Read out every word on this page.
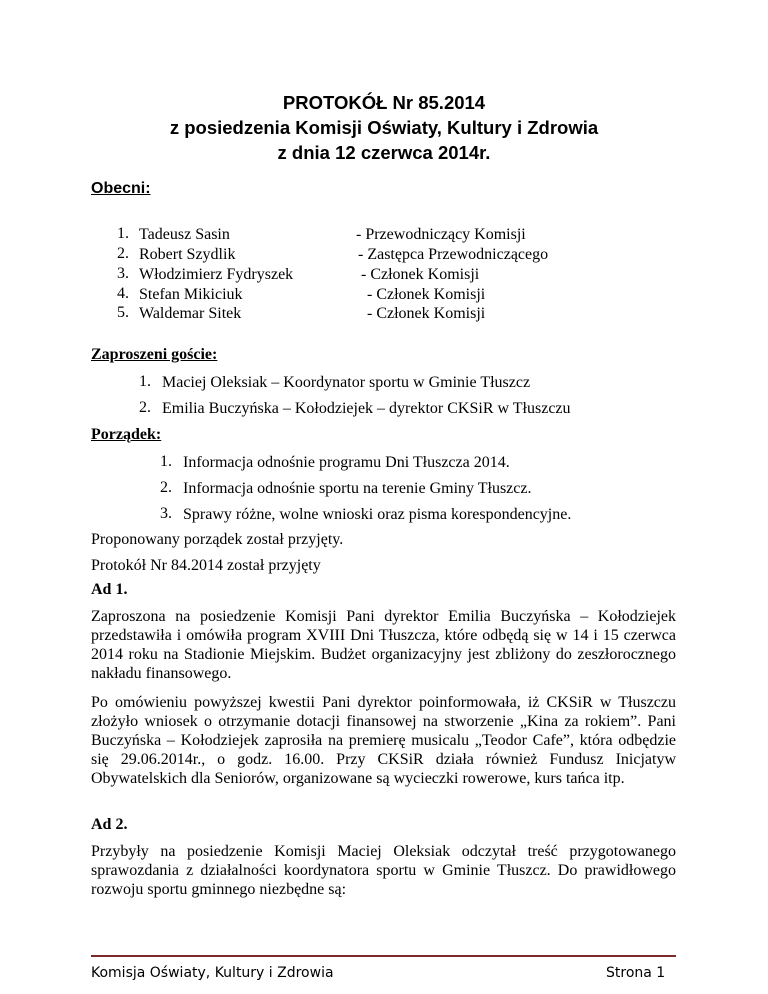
PROTOKÓŁ Nr 85.2014
z posiedzenia Komisji Oświaty, Kultury i Zdrowia
z dnia 12 czerwca 2014r.
Obecni:
1. Tadeusz Sasin	- Przewodniczący Komisji
2. Robert Szydlik	- Zastępca Przewodniczącego
3. Włodzimierz Fydryszek	- Członek Komisji
4. Stefan Mikiciuk	- Członek Komisji
5. Waldemar Sitek	- Członek Komisji
Zaproszeni goście:
1. Maciej Oleksiak – Koordynator sportu w Gminie Tłuszcz
2. Emilia Buczyńska – Kołodziejek – dyrektor CKSiR w Tłuszczu
Porządek:
1. Informacja odnośnie programu Dni Tłuszcza 2014.
2. Informacja odnośnie sportu na terenie Gminy Tłuszcz.
3. Sprawy różne, wolne wnioski oraz pisma korespondencyjne.
Proponowany porządek został przyjęty.
Protokół Nr 84.2014 został przyjęty
Ad 1.
Zaproszona na posiedzenie Komisji Pani dyrektor Emilia Buczyńska – Kołodziejek przedstawiła i omówiła program XVIII Dni Tłuszcza, które odbędą się w 14 i 15 czerwca 2014 roku na Stadionie Miejskim. Budżet organizacyjny jest zbliżony do zeszłorocznego nakładu finansowego.
Po omówieniu powyższej kwestii Pani dyrektor poinformowała, iż CKSiR w Tłuszczu złożyło wniosek o otrzymanie dotacji finansowej na stworzenie „Kina za rokiem”. Pani Buczyńska – Kołodziejek zaprosiła na premierę musicalu „Teodor Cafe”, która odbędzie się 29.06.2014r., o godz. 16.00. Przy CKSiR działa również Fundusz Inicjatyw Obywatelskich dla Seniorów, organizowane są wycieczki rowerowe, kurs tańca itp.
Ad 2.
Przybyły na posiedzenie Komisji Maciej Oleksiak odczytał treść przygotowanego sprawozdania z działalności koordynatora sportu w Gminie Tłuszcz. Do prawidłowego rozwoju sportu gminnego niezbędne są:
Komisja Oświaty, Kultury i Zdrowia	Strona 1
